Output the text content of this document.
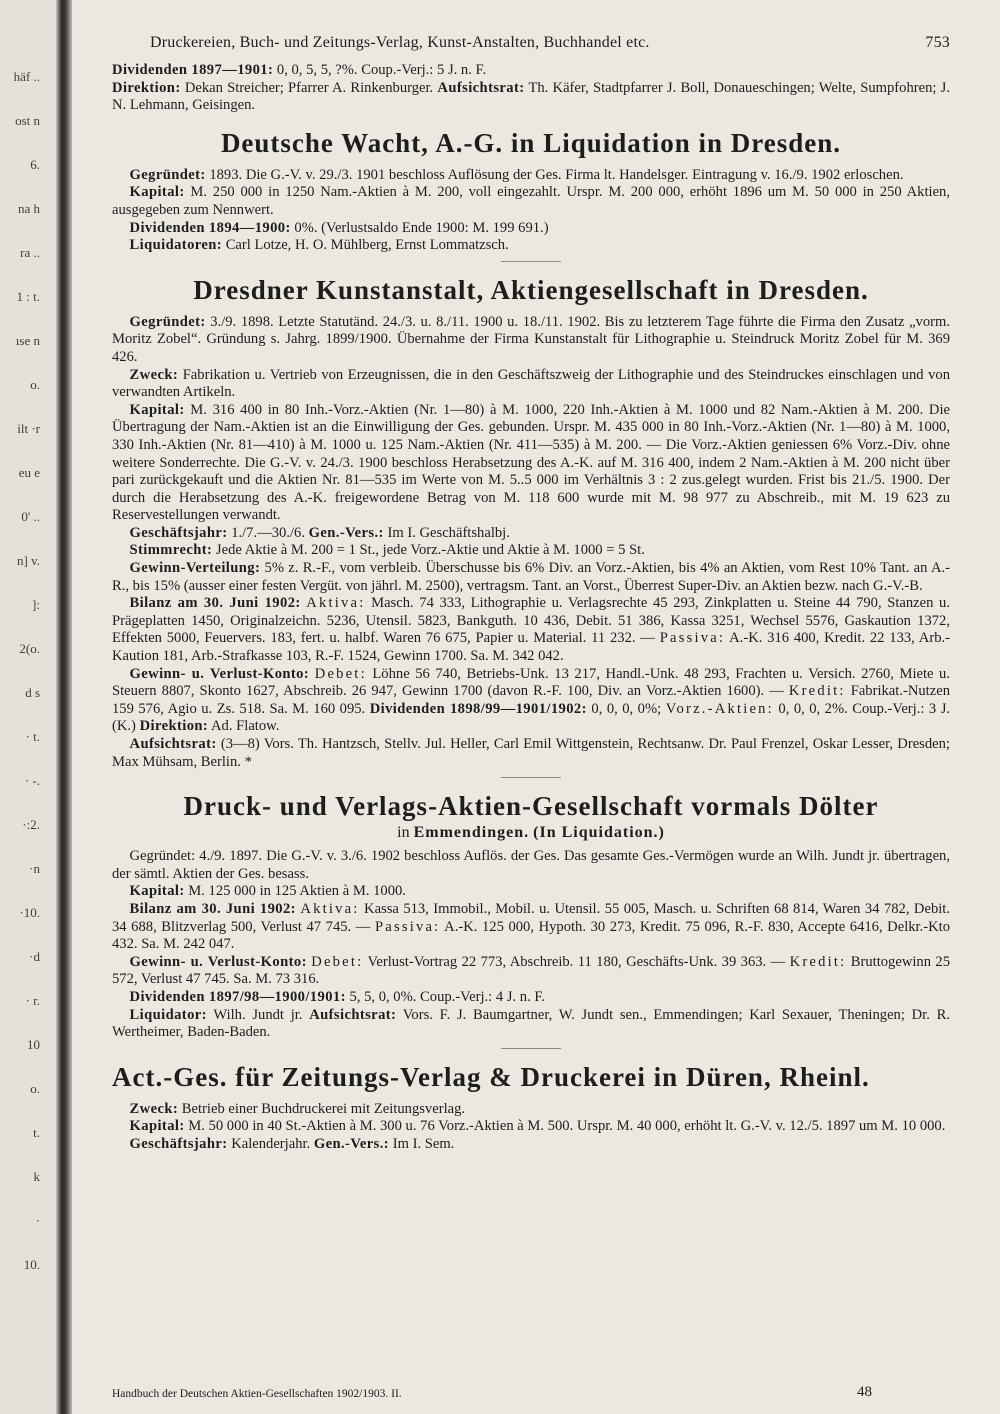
häf ..
ost n
6.
na h
ra ..
1 : t.
ıse n
o.
ilt ·r
eu e
0' ..
n] v.
]:
2(o.
d s
· t.
· -.
·:2.
·n
·10.
·d
· r.
10
o.
t.
k
·
10.
Druckereien, Buch- und Zeitungs-Verlag, Kunst-Anstalten, Buchhandel etc.	753

Dividenden 1897—1901: 0, 0, 5, 5, ?%. Coup.-Verj.: 5 J. n. F.

Direktion: Dekan Streicher; Pfarrer A. Rinkenburger. Aufsichtsrat: Th. Käfer, Stadtpfarrer J. Boll, Donaueschingen; Welte, Sumpfohren; J. N. Lehmann, Geisingen.

Deutsche Wacht, A.-G. in Liquidation in Dresden.

Gegründet: 1893. Die G.-V. v. 29./3. 1901 beschloss Auflösung der Ges. Firma lt. Handelsger. Eintragung v. 16./9. 1902 erloschen.

Kapital: M. 250 000 in 1250 Nam.-Aktien à M. 200, voll eingezahlt. Urspr. M. 200 000, erhöht 1896 um M. 50 000 in 250 Aktien, ausgegeben zum Nennwert.

Dividenden 1894—1900: 0%. (Verlustsaldo Ende 1900: M. 199 691.)

Liquidatoren: Carl Lotze, H. O. Mühlberg, Ernst Lommatzsch.

Dresdner Kunstanstalt, Aktiengesellschaft in Dresden.

Gegründet: 3./9. 1898. Letzte Statutänd. 24./3. u. 8./11. 1900 u. 18./11. 1902. Bis zu letzterem Tage führte die Firma den Zusatz „vorm. Moritz Zobel“. Gründung s. Jahrg. 1899/1900. Übernahme der Firma Kunstanstalt für Lithographie u. Steindruck Moritz Zobel für M. 369 426.

Zweck: Fabrikation u. Vertrieb von Erzeugnissen, die in den Geschäftszweig der Lithographie und des Steindruckes einschlagen und von verwandten Artikeln.

Kapital: M. 316 400 in 80 Inh.-Vorz.-Aktien (Nr. 1—80) à M. 1000, 220 Inh.-Aktien à M. 1000 und 82 Nam.-Aktien à M. 200. Die Übertragung der Nam.-Aktien ist an die Einwilligung der Ges. gebunden. Urspr. M. 435 000 in 80 Inh.-Vorz.-Aktien (Nr. 1—80) à M. 1000, 330 Inh.-Aktien (Nr. 81—410) à M. 1000 u. 125 Nam.-Aktien (Nr. 411—535) à M. 200. — Die Vorz.-Aktien geniessen 6% Vorz.-Div. ohne weitere Sonderrechte. Die G.-V. v. 24./3. 1900 beschloss Herabsetzung des A.-K. auf M. 316 400, indem 2 Nam.-Aktien à M. 200 nicht über pari zurückgekauft und die Aktien Nr. 81—535 im Werte von M. 5..5 000 im Verhältnis 3 : 2 zus.gelegt wurden. Frist bis 21./5. 1900. Der durch die Herabsetzung des A.-K. freigewordene Betrag von M. 118 600 wurde mit M. 98 977 zu Abschreib., mit M. 19 623 zu Reservestellungen verwandt.

Geschäftsjahr: 1./7.—30./6. Gen.-Vers.: Im I. Geschäftshalbj.

Stimmrecht: Jede Aktie à M. 200 = 1 St., jede Vorz.-Aktie und Aktie à M. 1000 = 5 St.

Gewinn-Verteilung: 5% z. R.-F., vom verbleib. Überschusse bis 6% Div. an Vorz.-Aktien, bis 4% an Aktien, vom Rest 10% Tant. an A.-R., bis 15% (ausser einer festen Vergüt. von jährl. M. 2500), vertragsm. Tant. an Vorst., Überrest Super-Div. an Aktien bezw. nach G.-V.-B.

Bilanz am 30. Juni 1902: Aktiva: Masch. 74 333, Lithographie u. Verlagsrechte 45 293, Zinkplatten u. Steine 44 790, Stanzen u. Prägeplatten 1450, Originalzeichn. 5236, Utensil. 5823, Bankguth. 10 436, Debit. 51 386, Kassa 3251, Wechsel 5576, Gaskaution 1372, Effekten 5000, Feuervers. 183, fert. u. halbf. Waren 76 675, Papier u. Material. 11 232. — Passiva: A.-K. 316 400, Kredit. 22 133, Arb.-Kaution 181, Arb.-Strafkasse 103, R.-F. 1524, Gewinn 1700. Sa. M. 342 042.

Gewinn- u. Verlust-Konto: Debet: Löhne 56 740, Betriebs-Unk. 13 217, Handl.-Unk. 48 293, Frachten u. Versich. 2760, Miete u. Steuern 8807, Skonto 1627, Abschreib. 26 947, Gewinn 1700 (davon R.-F. 100, Div. an Vorz.-Aktien 1600). — Kredit: Fabrikat.-Nutzen 159 576, Agio u. Zs. 518. Sa. M. 160 095. Dividenden 1898/99—1901/1902: 0, 0, 0, 0%; Vorz.-Aktien: 0, 0, 0, 2%. Coup.-Verj.: 3 J. (K.) Direktion: Ad. Flatow.

Aufsichtsrat: (3—8) Vors. Th. Hantzsch, Stellv. Jul. Heller, Carl Emil Wittgenstein, Rechtsanw. Dr. Paul Frenzel, Oskar Lesser, Dresden; Max Mühsam, Berlin. *

Druck- und Verlags-Aktien-Gesellschaft vormals Dölter
in Emmendingen. (In Liquidation.)

Gegründet: 4./9. 1897. Die G.-V. v. 3./6. 1902 beschloss Auflös. der Ges. Das gesamte Ges.-Vermögen wurde an Wilh. Jundt jr. übertragen, der sämtl. Aktien der Ges. besass.

Kapital: M. 125 000 in 125 Aktien à M. 1000.

Bilanz am 30. Juni 1902: Aktiva: Kassa 513, Immobil., Mobil. u. Utensil. 55 005, Masch. u. Schriften 68 814, Waren 34 782, Debit. 34 688, Blitzverlag 500, Verlust 47 745. — Passiva: A.-K. 125 000, Hypoth. 30 273, Kredit. 75 096, R.-F. 830, Accepte 6416, Delkr.-Kto 432. Sa. M. 242 047.

Gewinn- u. Verlust-Konto: Debet: Verlust-Vortrag 22 773, Abschreib. 11 180, Geschäfts-Unk. 39 363. — Kredit: Bruttogewinn 25 572, Verlust 47 745. Sa. M. 73 316.

Dividenden 1897/98—1900/1901: 5, 5, 0, 0%. Coup.-Verj.: 4 J. n. F.

Liquidator: Wilh. Jundt jr. Aufsichtsrat: Vors. F. J. Baumgartner, W. Jundt sen., Emmendingen; Karl Sexauer, Theningen; Dr. R. Wertheimer, Baden-Baden.

Act.-Ges. für Zeitungs-Verlag & Druckerei in Düren, Rheinl.

Zweck: Betrieb einer Buchdruckerei mit Zeitungsverlag.

Kapital: M. 50 000 in 40 St.-Aktien à M. 300 u. 76 Vorz.-Aktien à M. 500. Urspr. M. 40 000, erhöht lt. G.-V. v. 12./5. 1897 um M. 10 000.

Geschäftsjahr: Kalenderjahr. Gen.-Vers.: Im I. Sem.

Handbuch der Deutschen Aktien-Gesellschaften 1902/1903. II.	48
